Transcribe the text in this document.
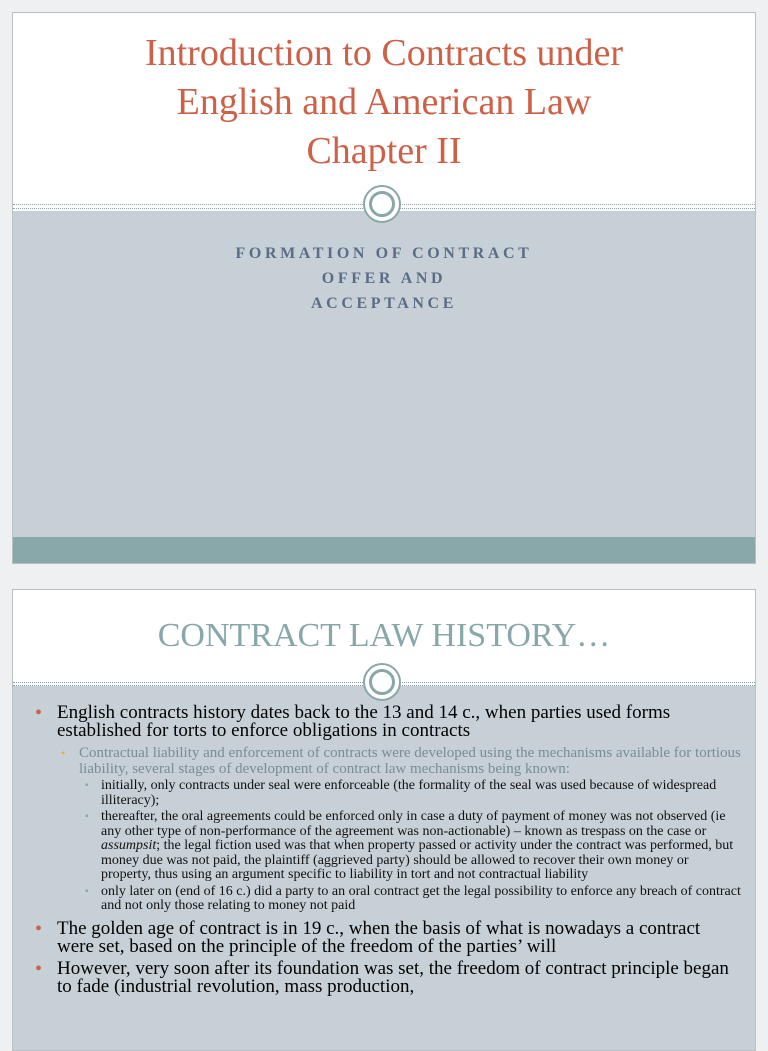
Introduction to Contracts under
English and American Law
Chapter II
FORMATION OF CONTRACT
OFFER AND
ACCEPTANCE
CONTRACT LAW HISTORY…
• English contracts history dates back to the 13 and 14 c., when parties used forms established for torts to enforce obligations in contracts
• Contractual liability and enforcement of contracts were developed using the mechanisms available for tortious liability, several stages of development of contract law mechanisms being known:
▪ initially, only contracts under seal were enforceable (the formality of the seal was used because of widespread illiteracy);
▪ thereafter, the oral agreements could be enforced only in case a duty of payment of money was not observed (ie any other type of non-performance of the agreement was non-actionable) – known as trespass on the case or assumpsit; the legal fiction used was that when property passed or activity under the contract was performed, but money due was not paid, the plaintiff (aggrieved party) should be allowed to recover their own money or property, thus using an argument specific to liability in tort and not contractual liability
▪ only later on (end of 16 c.) did a party to an oral contract get the legal possibility to enforce any breach of contract and not only those relating to money not paid
• The golden age of contract is in 19 c., when the basis of what is nowadays a contract were set, based on the principle of the freedom of the parties’ will
• However, very soon after its foundation was set, the freedom of contract principle began to fade (industrial revolution, mass production,
